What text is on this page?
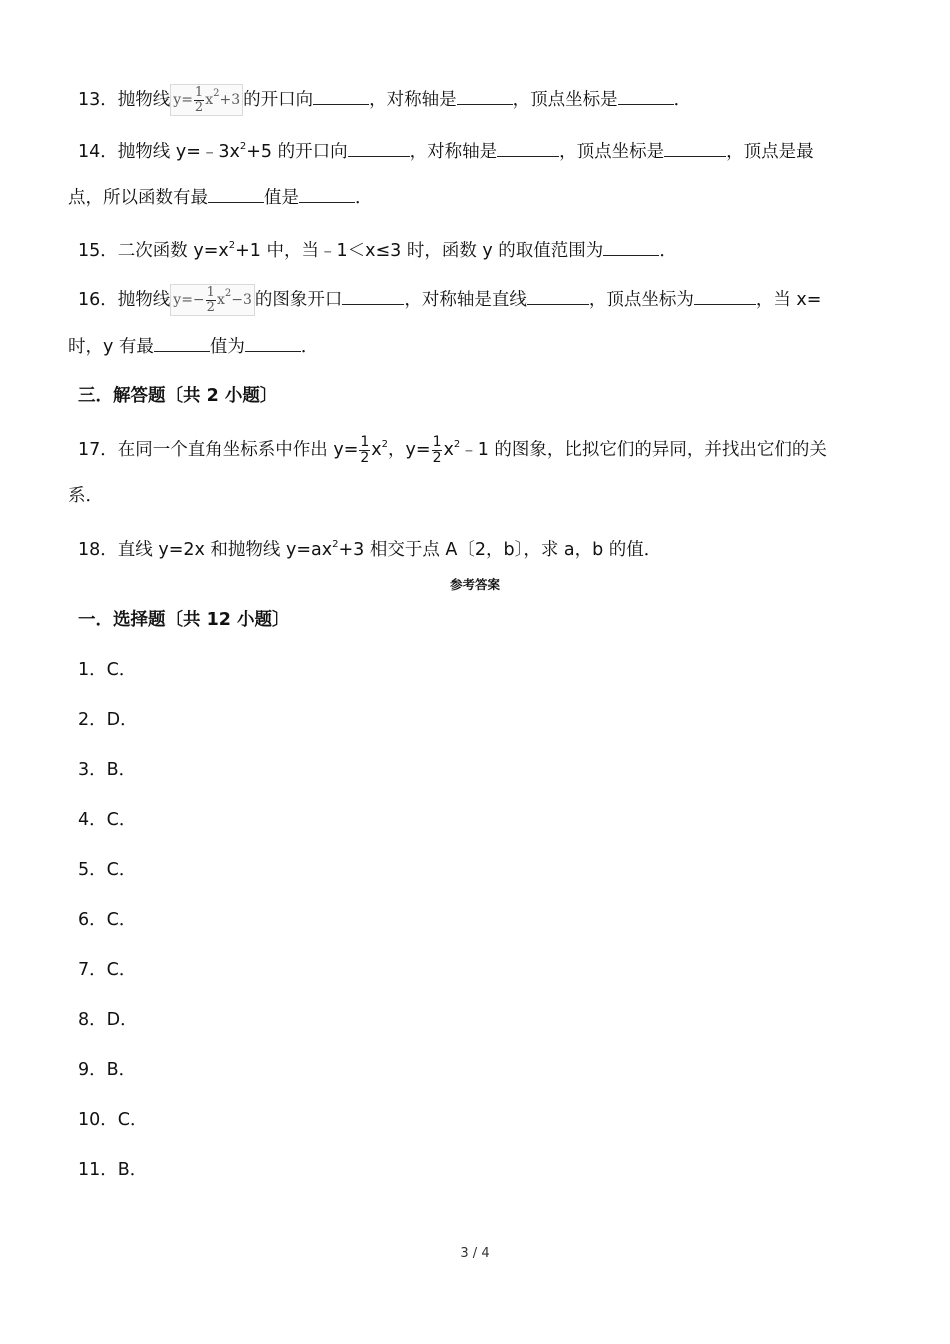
13．抛物线 $y= \frac{1}{2} x^2+3$ 的开口向	，对称轴是	，顶点坐标是	．
14．抛物线 $y=﹣3x^2+5$ 的开口向	，对称轴是	，顶点坐标是	，顶点是最
点，所以函数有最	值是	．
15．二次函数 $y=x^2+1$ 中，当﹣1＜x≤3 时，函数 y 的取值范围为	．
16．抛物线 $y=- \frac{1}{2} x^2-3$ 的图象开口	，对称轴是直线	，顶点坐标为	，当 x=
时，y 有最	值为	．
三．解答题〔共 2 小题〕
17．在同一个直角坐标系中作出 $y= \frac{1}{2} x^2$，$y= \frac{1}{2}$ $x^2﹣1$ 的图象，比拟它们的异同，并找出它们的关
系．
18．直线 y=2x 和抛物线 $y=ax^2+3$ 相交于点 A〔2，b〕，求 a，b 的值．
参考答案
一．选择题〔共 12 小题〕
1．C．
2．D．
3．B．
4．C．
5．C．
6．C．
7．C．
8．D．
9．B．
10．C．
11．B．
3 / 4
